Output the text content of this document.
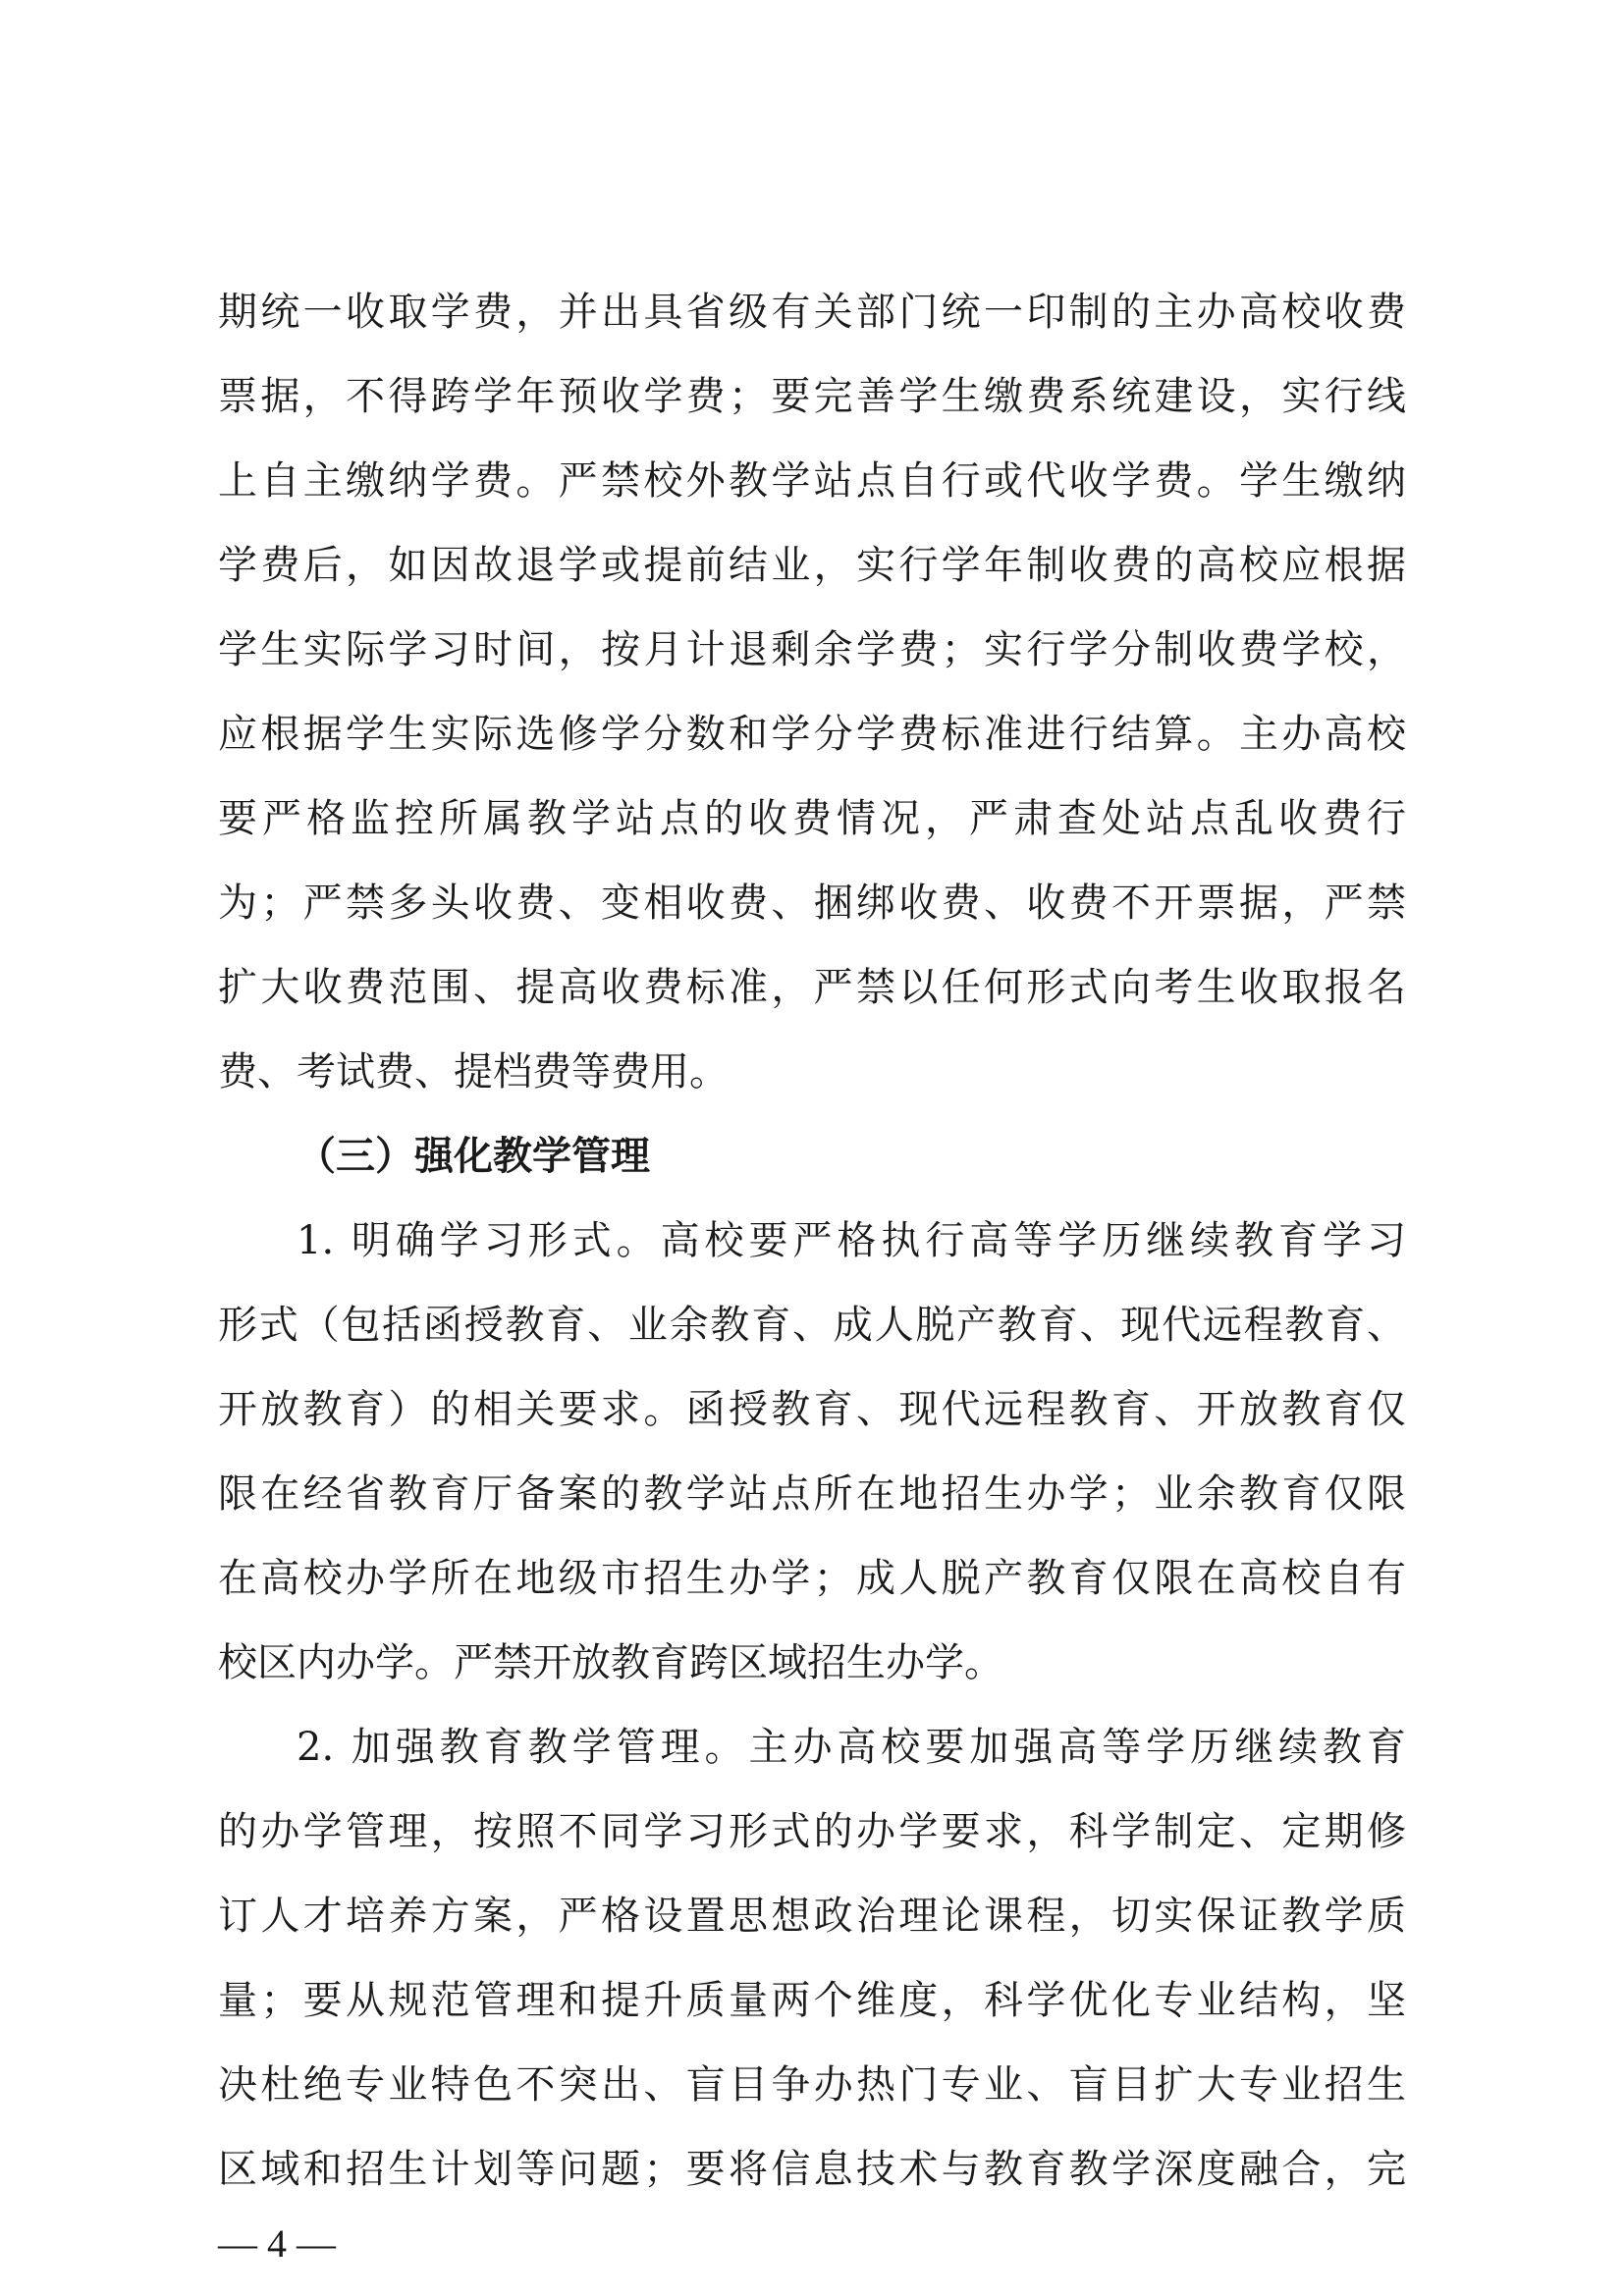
期统一收取学费，并出具省级有关部门统一印制的主办高校收费
票据，不得跨学年预收学费；要完善学生缴费系统建设，实行线
上自主缴纳学费。严禁校外教学站点自行或代收学费。学生缴纳
学费后，如因故退学或提前结业，实行学年制收费的高校应根据
学生实际学习时间，按月计退剩余学费；实行学分制收费学校，
应根据学生实际选修学分数和学分学费标准进行结算。主办高校
要严格监控所属教学站点的收费情况，严肃查处站点乱收费行
为；严禁多头收费、变相收费、捆绑收费、收费不开票据，严禁
扩大收费范围、提高收费标准，严禁以任何形式向考生收取报名
费、考试费、提档费等费用。
（三）强化教学管理
1. 明确学习形式。高校要严格执行高等学历继续教育学习
形式（包括函授教育、业余教育、成人脱产教育、现代远程教育、
开放教育）的相关要求。函授教育、现代远程教育、开放教育仅
限在经省教育厅备案的教学站点所在地招生办学；业余教育仅限
在高校办学所在地级市招生办学；成人脱产教育仅限在高校自有
校区内办学。严禁开放教育跨区域招生办学。
2. 加强教育教学管理。主办高校要加强高等学历继续教育
的办学管理，按照不同学习形式的办学要求，科学制定、定期修
订人才培养方案，严格设置思想政治理论课程，切实保证教学质
量；要从规范管理和提升质量两个维度，科学优化专业结构，坚
决杜绝专业特色不突出、盲目争办热门专业、盲目扩大专业招生
区域和招生计划等问题；要将信息技术与教育教学深度融合，完
— 4 —
